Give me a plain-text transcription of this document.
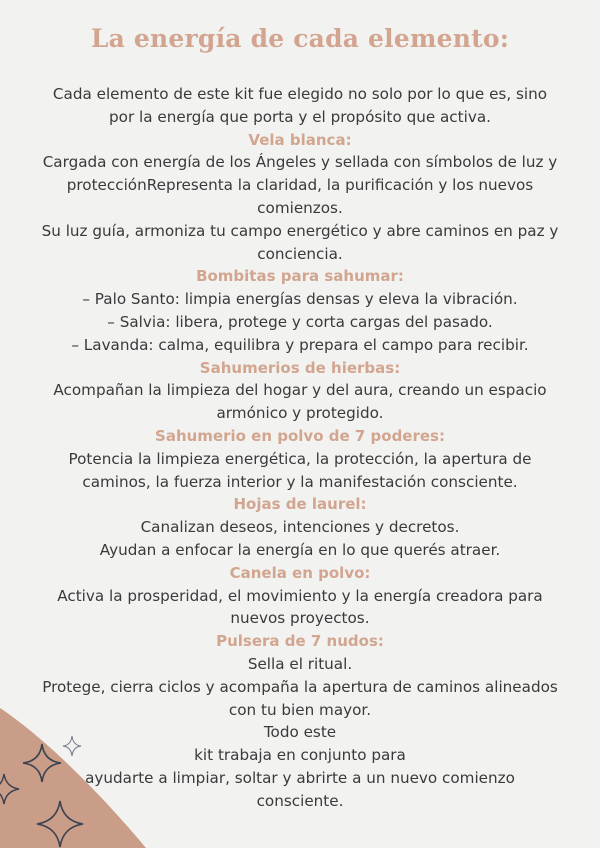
La energía de cada elemento:
Cada elemento de este kit fue elegido no solo por lo que es, sino por la energía que porta y el propósito que activa.
Vela blanca:
Cargada con energía de los Ángeles y sellada con símbolos de luz y protecciónRepresenta la claridad, la purificación y los nuevos comienzos.
Su luz guía, armoniza tu campo energético y abre caminos en paz y conciencia.
Bombitas para sahumar:
– Palo Santo: limpia energías densas y eleva la vibración.
– Salvia: libera, protege y corta cargas del pasado.
– Lavanda: calma, equilibra y prepara el campo para recibir.
Sahumerios de hierbas:
Acompañan la limpieza del hogar y del aura, creando un espacio armónico y protegido.
Sahumerio en polvo de 7 poderes:
Potencia la limpieza energética, la protección, la apertura de caminos, la fuerza interior y la manifestación consciente.
Hojas de laurel:
Canalizan deseos, intenciones y decretos.
Ayudan a enfocar la energía en lo que querés atraer.
Canela en polvo:
Activa la prosperidad, el movimiento y la energía creadora para nuevos proyectos.
Pulsera de 7 nudos:
Sella el ritual.
Protege, cierra ciclos y acompaña la apertura de caminos alineados con tu bien mayor.
Todo este
kit trabaja en conjunto para
ayudarte a limpiar, soltar y abrirte a un nuevo comienzo consciente.
